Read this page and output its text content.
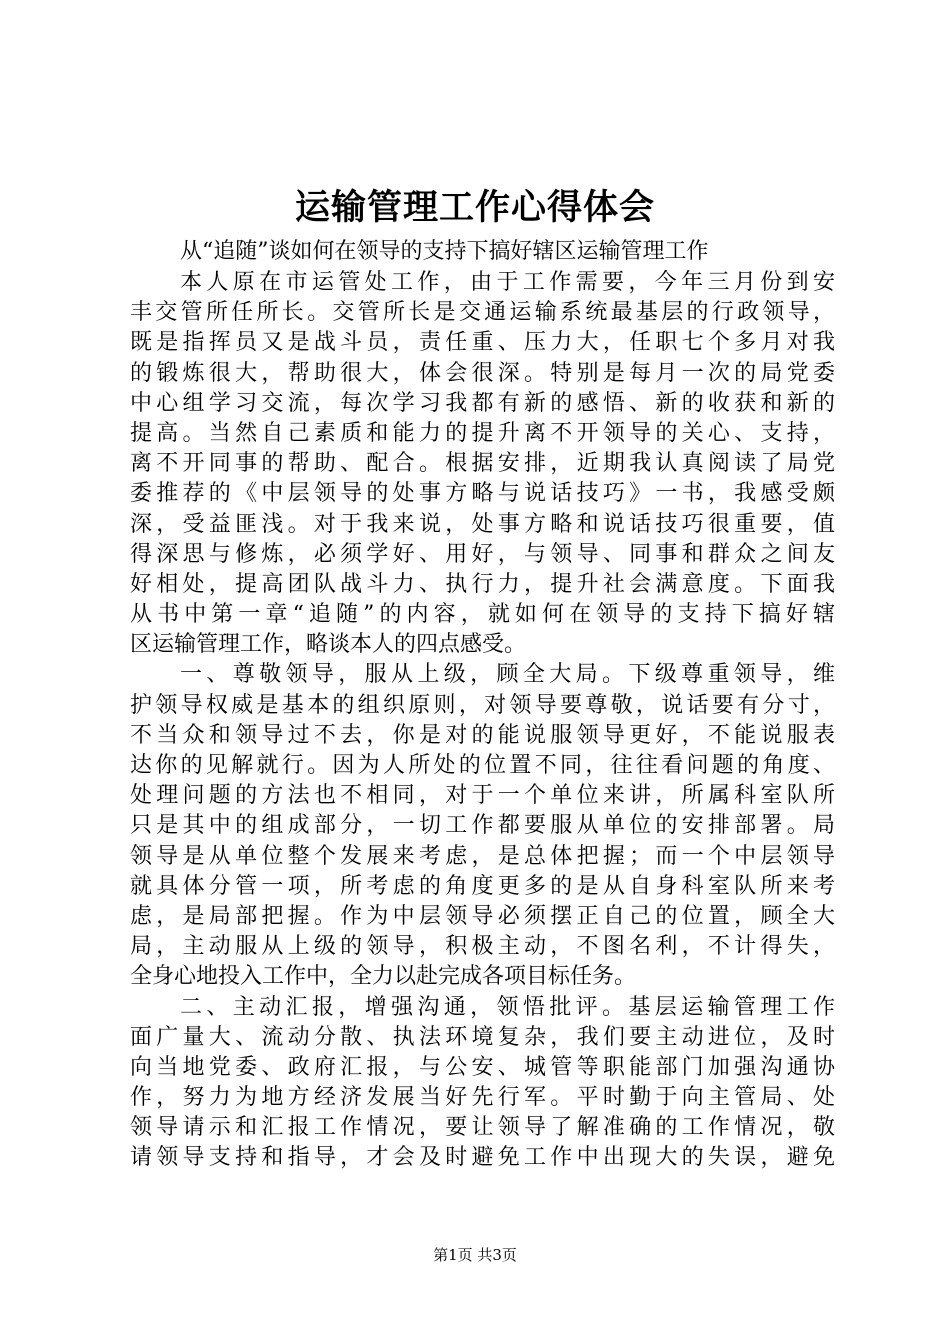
运输管理工作心得体会
从“追随”谈如何在领导的支持下搞好辖区运输管理工作
本人原在市运管处工作，由于工作需要，今年三月份到安
丰交管所任所长。交管所长是交通运输系统最基层的行政领导，
既是指挥员又是战斗员，责任重、压力大，任职七个多月对我
的锻炼很大，帮助很大，体会很深。特别是每月一次的局党委
中心组学习交流，每次学习我都有新的感悟、新的收获和新的
提高。当然自己素质和能力的提升离不开领导的关心、支持，
离不开同事的帮助、配合。根据安排，近期我认真阅读了局党
委推荐的《中层领导的处事方略与说话技巧》一书，我感受颇
深，受益匪浅。对于我来说，处事方略和说话技巧很重要，值
得深思与修炼，必须学好、用好，与领导、同事和群众之间友
好相处，提高团队战斗力、执行力，提升社会满意度。下面我
从书中第一章“追随”的内容，就如何在领导的支持下搞好辖
区运输管理工作，略谈本人的四点感受。
一、尊敬领导，服从上级，顾全大局。下级尊重领导，维
护领导权威是基本的组织原则，对领导要尊敬，说话要有分寸，
不当众和领导过不去，你是对的能说服领导更好，不能说服表
达你的见解就行。因为人所处的位置不同，往往看问题的角度、
处理问题的方法也不相同，对于一个单位来讲，所属科室队所
只是其中的组成部分，一切工作都要服从单位的安排部署。局
领导是从单位整个发展来考虑，是总体把握；而一个中层领导
就具体分管一项，所考虑的角度更多的是从自身科室队所来考
虑，是局部把握。作为中层领导必须摆正自己的位置，顾全大
局，主动服从上级的领导，积极主动，不图名利，不计得失，
全身心地投入工作中，全力以赴完成各项目标任务。
二、主动汇报，增强沟通，领悟批评。基层运输管理工作
面广量大、流动分散、执法环境复杂，我们要主动进位，及时
向当地党委、政府汇报，与公安、城管等职能部门加强沟通协
作，努力为地方经济发展当好先行军。平时勤于向主管局、处
领导请示和汇报工作情况，要让领导了解准确的工作情况，敬
请领导支持和指导，才会及时避免工作中出现大的失误，避免
第1页 共3页
